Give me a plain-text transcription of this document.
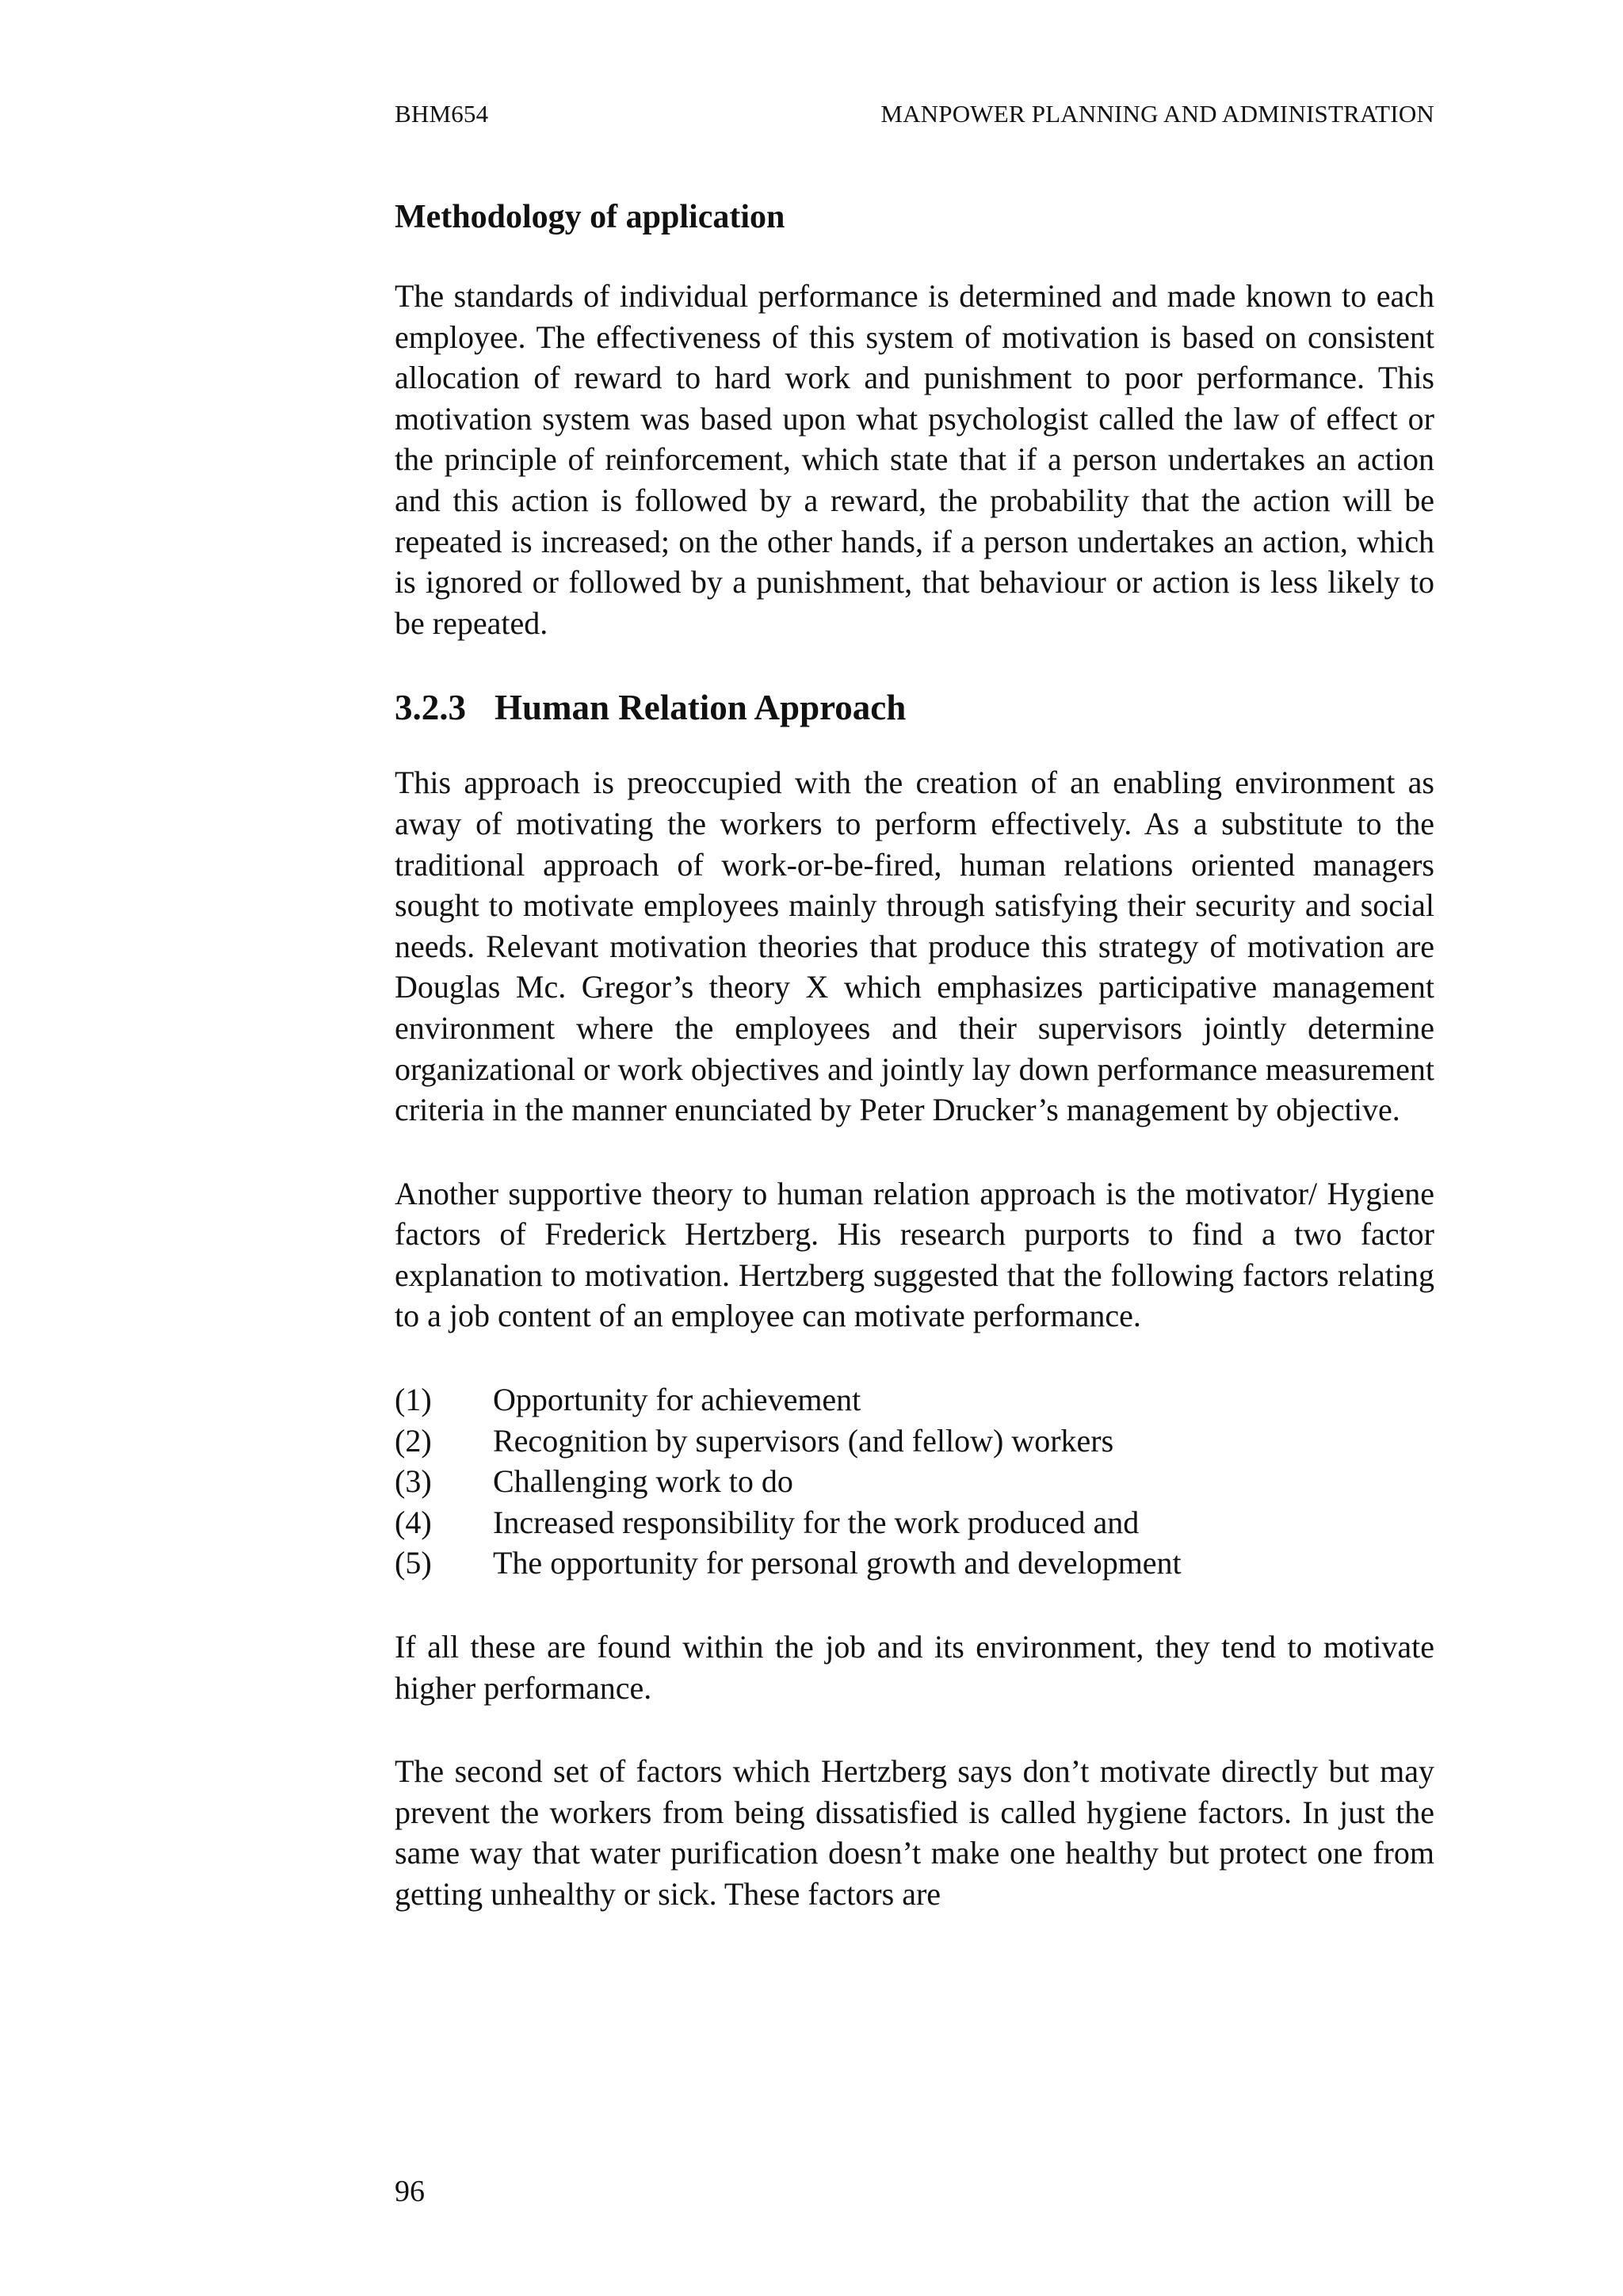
BHM654	MANPOWER PLANNING AND ADMINISTRATION
Methodology of application

The standards of individual performance is determined and made known to each employee. The effectiveness of this system of motivation is based on consistent allocation of reward to hard work and punishment to poor performance. This motivation system was based upon what psychologist called the law of effect or the principle of reinforcement, which state that if a person undertakes an action and this action is followed by a reward, the probability that the action will be repeated is increased; on the other hands, if a person undertakes an action, which is ignored or followed by a punishment, that behaviour or action is less likely to be repeated.

3.2.3 Human Relation Approach

This approach is preoccupied with the creation of an enabling environment as away of motivating the workers to perform effectively. As a substitute to the traditional approach of work-or-be-fired, human relations oriented managers sought to motivate employees mainly through satisfying their security and social needs. Relevant motivation theories that produce this strategy of motivation are Douglas Mc. Gregor’s theory X which emphasizes participative management environment where the employees and their supervisors jointly determine organizational or work objectives and jointly lay down performance measurement criteria in the manner enunciated by Peter Drucker’s management by objective.

Another supportive theory to human relation approach is the motivator/ Hygiene factors of Frederick Hertzberg. His research purports to find a two factor explanation to motivation. Hertzberg suggested that the following factors relating to a job content of an employee can motivate performance.

(1)	Opportunity for achievement
(2)	Recognition by supervisors (and fellow) workers
(3)	Challenging work to do
(4)	Increased responsibility for the work produced and
(5)	The opportunity for personal growth and development

If all these are found within the job and its environment, they tend to motivate higher performance.

The second set of factors which Hertzberg says don’t motivate directly but may prevent the workers from being dissatisfied is called hygiene factors. In just the same way that water purification doesn’t make one healthy but protect one from getting unhealthy or sick. These factors are

96
